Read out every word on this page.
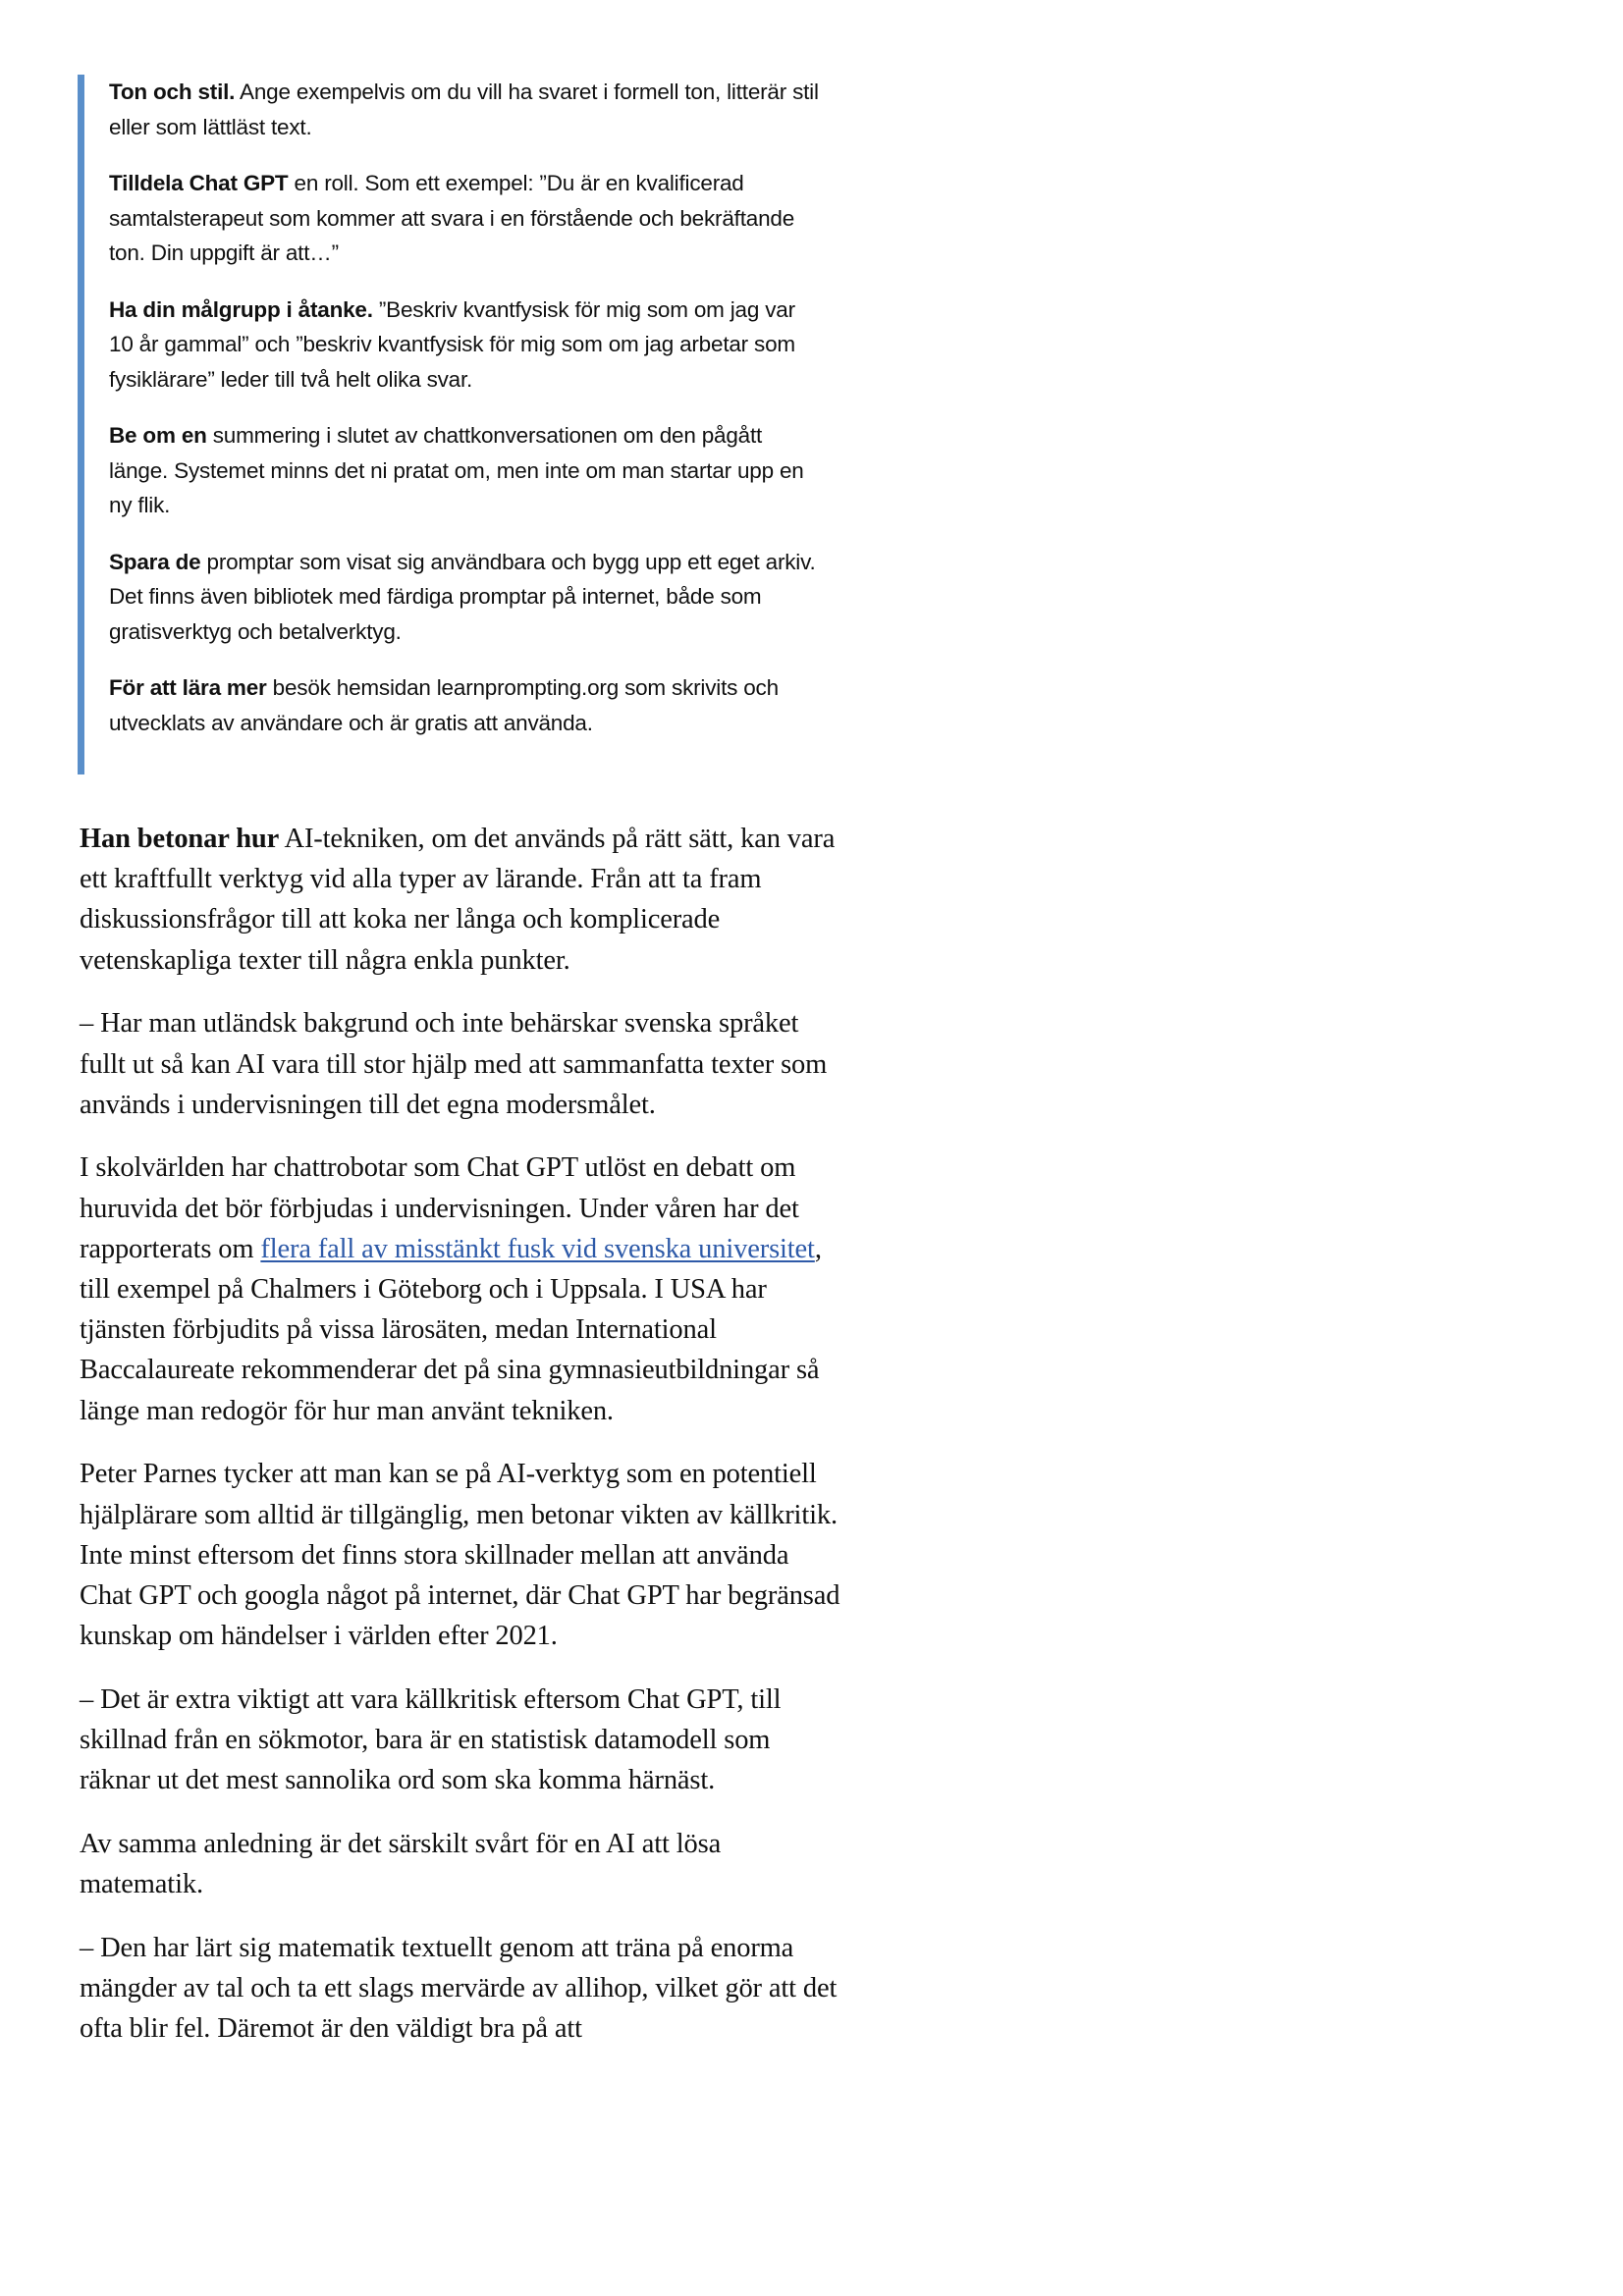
Ton och stil. Ange exempelvis om du vill ha svaret i formell ton, litterär stil eller som lättläst text.

Tilldela Chat GPT en roll. Som ett exempel: ”Du är en kvalificerad samtalsterapeut som kommer att svara i en förstående och bekräftande ton. Din uppgift är att…”

Ha din målgrupp i åtanke. ”Beskriv kvantfysisk för mig som om jag var 10 år gammal” och ”beskriv kvantfysisk för mig som om jag arbetar som fysiklärare” leder till två helt olika svar.

Be om en summering i slutet av chattkonversationen om den pågått länge. Systemet minns det ni pratat om, men inte om man startar upp en ny flik.

Spara de promptar som visat sig användbara och bygg upp ett eget arkiv. Det finns även bibliotek med färdiga promptar på internet, både som gratisverktyg och betalverktyg.

För att lära mer besök hemsidan learnprompting.org som skrivits och utvecklats av användare och är gratis att använda.

Han betonar hur AI-tekniken, om det används på rätt sätt, kan vara ett kraftfullt verktyg vid alla typer av lärande. Från att ta fram diskussionsfrågor till att koka ner långa och komplicerade vetenskapliga texter till några enkla punkter.

– Har man utländsk bakgrund och inte behärskar svenska språket fullt ut så kan AI vara till stor hjälp med att sammanfatta texter som används i undervisningen till det egna modersmålet.

I skolvärlden har chattrobotar som Chat GPT utlöst en debatt om huruvida det bör förbjudas i undervisningen. Under våren har det rapporterats om flera fall av misstänkt fusk vid svenska universitet, till exempel på Chalmers i Göteborg och i Uppsala. I USA har tjänsten förbjudits på vissa lärosäten, medan International Baccalaureate rekommenderar det på sina gymnasieutbildningar så länge man redogör för hur man använt tekniken.

Peter Parnes tycker att man kan se på AI-verktyg som en potentiell hjälplärare som alltid är tillgänglig, men betonar vikten av källkritik. Inte minst eftersom det finns stora skillnader mellan att använda Chat GPT och googla något på internet, där Chat GPT har begränsad kunskap om händelser i världen efter 2021.

– Det är extra viktigt att vara källkritisk eftersom Chat GPT, till skillnad från en sökmotor, bara är en statistisk datamodell som räknar ut det mest sannolika ord som ska komma härnäst.

Av samma anledning är det särskilt svårt för en AI att lösa matematik.

– Den har lärt sig matematik textuellt genom att träna på enorma mängder av tal och ta ett slags mervärde av allihop, vilket gör att det ofta blir fel. Däremot är den väldigt bra på att
